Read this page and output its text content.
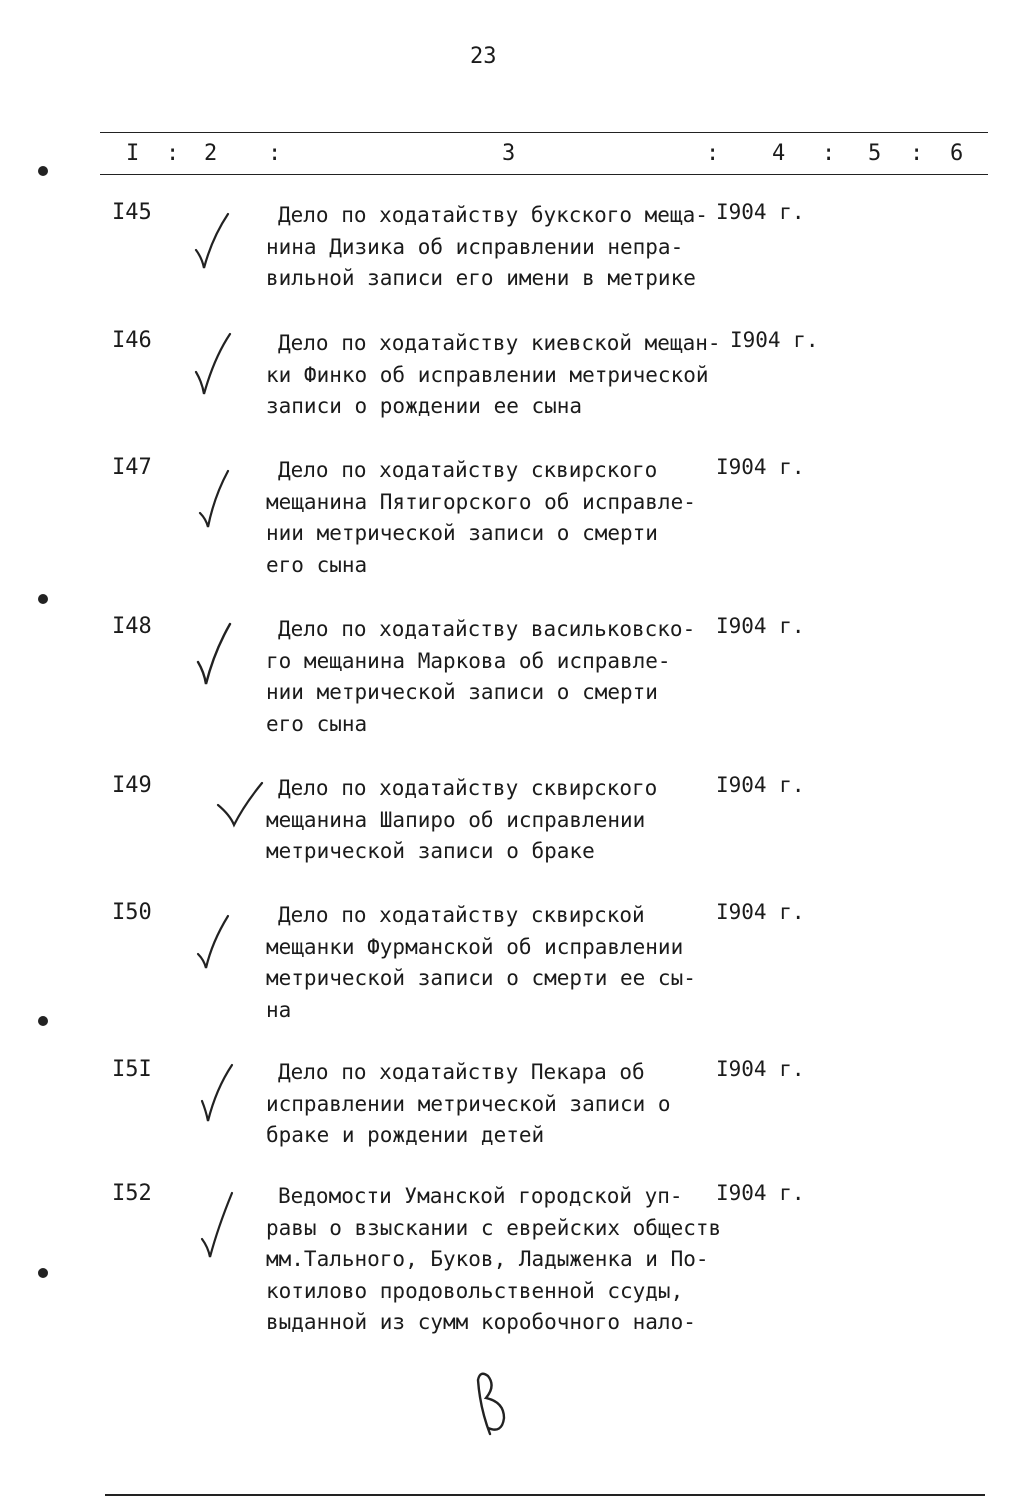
23
I : 2 :	3	: 4 : 5 : 6
I45	Дело по ходатайству букского меща-
нина Дизика об исправлении непра-
вильной записи его имени в метрике
I904 г.
I46	Дело по ходатайству киевской мещан-
ки Финко об исправлении метрической
записи о рождении ее сына
I904 г.
I47	Дело по ходатайству сквирского
мещанина Пятигорского об исправле-
нии метрической записи о смерти
его сына
I904 г.
I48	Дело по ходатайству васильковско-
го мещанина Маркова об исправле-
нии метрической записи о смерти
его сына
I904 г.
I49	Дело по ходатайству сквирского
мещанина Шапиро об исправлении
метрической записи о браке
I904 г.
I50	Дело по ходатайству сквирской
мещанки Фурманской об исправлении
метрической записи о смерти ее сы-
на
I904 г.
I5I	Дело по ходатайству Пекара об
исправлении метрической записи о
браке и рождении детей
I904 г.
I52	Ведомости Уманской городской уп-
равы о взыскании с еврейских обществ
мм.Тального, Буков, Ладыженка и По-
котилово продовольственной ссуды,
выданной из сумм коробочного нало-
I904 г.
